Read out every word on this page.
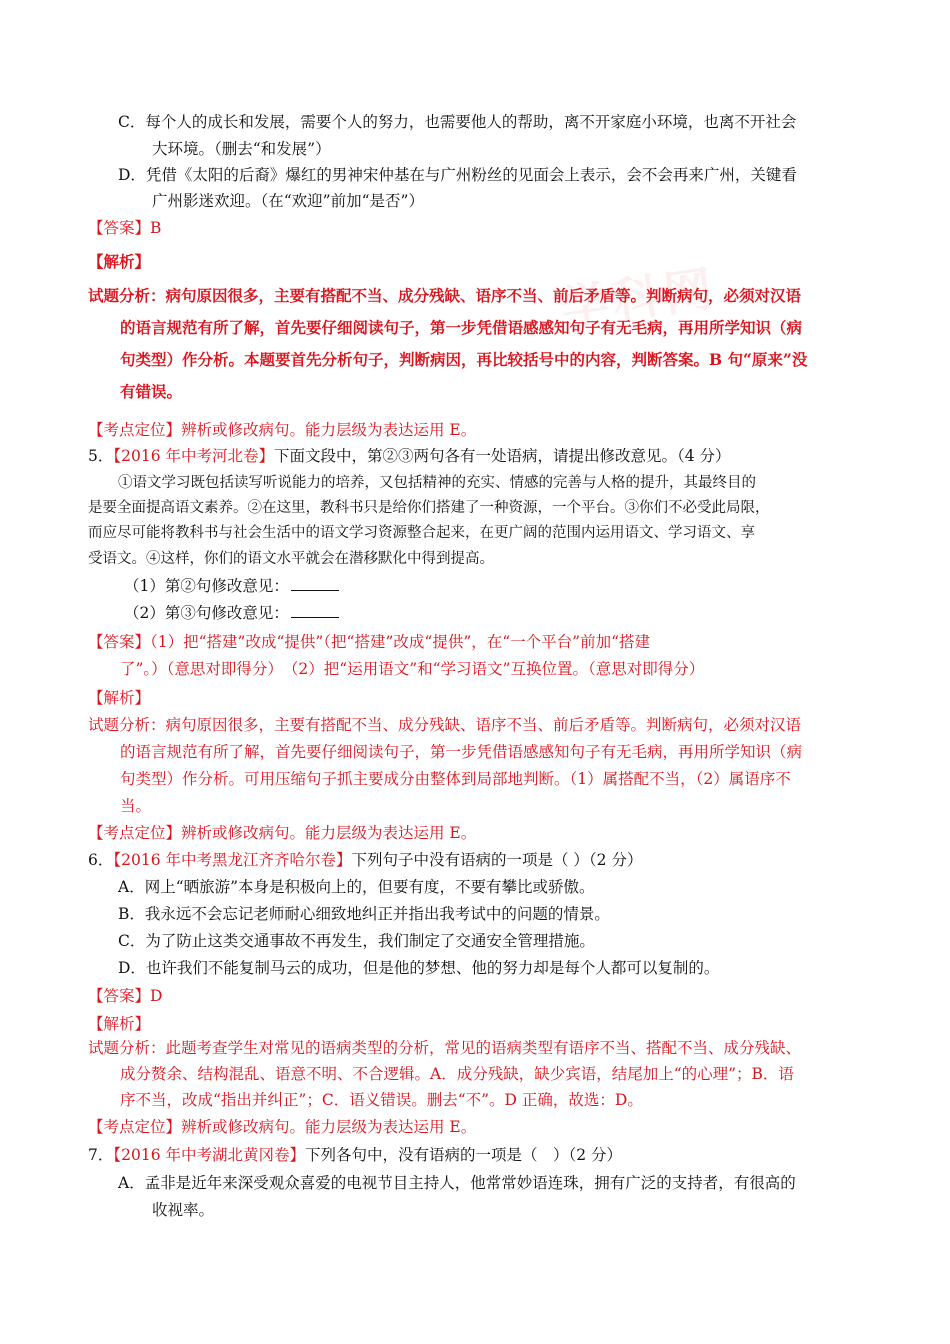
学科网
C．每个人的成长和发展，需要个人的努力，也需要他人的帮助，离不开家庭小环境，也离不开社会
大环境。（删去“和发展”）
D．凭借《太阳的后裔》爆红的男神宋仲基在与广州粉丝的见面会上表示，会不会再来广州，关键看
广州影迷欢迎。（在“欢迎”前加“是否”）
【答案】B
【解析】
试题分析：病句原因很多，主要有搭配不当、成分残缺、语序不当、前后矛盾等。判断病句，必须对汉语
的语言规范有所了解，首先要仔细阅读句子，第一步凭借语感感知句子有无毛病，再用所学知识（病
句类型）作分析。本题要首先分析句子，判断病因，再比较括号中的内容，判断答案。B 句“原来”没
有错误。
【考点定位】辨析或修改病句。能力层级为表达运用 E。
5．【2016 年中考河北卷】下面文段中，第②③两句各有一处语病，请提出修改意见。（4 分）
①语文学习既包括读写听说能力的培养，又包括精神的充实、情感的完善与人格的提升，其最终目的
是要全面提高语文素养。②在这里，教科书只是给你们搭建了一种资源，一个平台。③你们不必受此局限，
而应尽可能将教科书与社会生活中的语文学习资源整合起来，在更广阔的范围内运用语文、学习语文、享
受语文。④这样，你们的语文水平就会在潜移默化中得到提高。
（1）第②句修改意见：
（2）第③句修改意见：
【答案】（1）把“搭建”改成“提供”（把“搭建”改成“提供”，在“一个平台”前加“搭建
了”。）（意思对即得分）　（2）把“运用语文”和“学习语文”互换位置。（意思对即得分）
【解析】
试题分析：病句原因很多，主要有搭配不当、成分残缺、语序不当、前后矛盾等。判断病句，必须对汉语
的语言规范有所了解，首先要仔细阅读句子，第一步凭借语感感知句子有无毛病，再用所学知识（病
句类型）作分析。可用压缩句子抓主要成分由整体到局部地判断。（1）属搭配不当，（2）属语序不
当。
【考点定位】辨析或修改病句。能力层级为表达运用 E。
6．【2016 年中考黑龙江齐齐哈尔卷】下列句子中没有语病的一项是（ ）（2 分）
A．网上“晒旅游”本身是积极向上的，但要有度，不要有攀比或骄傲。
B．我永远不会忘记老师耐心细致地纠正并指出我考试中的问题的情景。
C．为了防止这类交通事故不再发生，我们制定了交通安全管理措施。
D．也许我们不能复制马云的成功，但是他的梦想、他的努力却是每个人都可以复制的。
【答案】D
【解析】
试题分析：此题考查学生对常见的语病类型的分析，常见的语病类型有语序不当、搭配不当、成分残缺、
成分赘余、结构混乱、语意不明、不合逻辑。A．成分残缺，缺少宾语，结尾加上“的心理”；B．语
序不当，改成“指出并纠正”；C．语义错误。删去“不”。D 正确，故选：D。
【考点定位】辨析或修改病句。能力层级为表达运用 E。
7．【2016 年中考湖北黄冈卷】下列各句中，没有语病的一项是（　）（2 分）
A．孟非是近年来深受观众喜爱的电视节目主持人，他常常妙语连珠，拥有广泛的支持者，有很高的
收视率。
